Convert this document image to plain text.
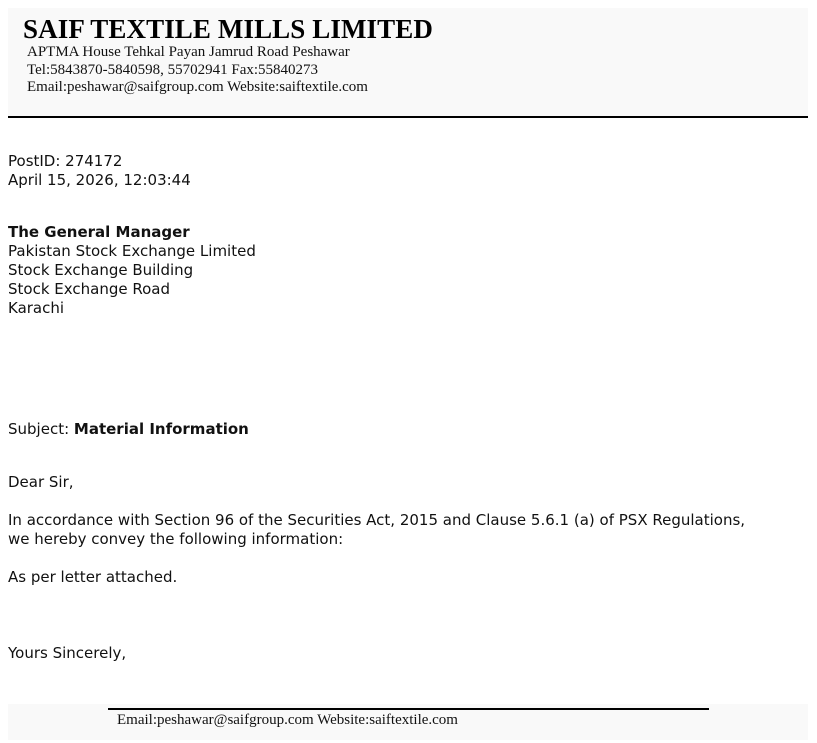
SAIF TEXTILE MILLS LIMITED

APTMA House Tehkal Payan Jamrud Road Peshawar

Tel:5843870-5840598, 55702941 Fax:55840273

Email:peshawar@saifgroup.com Website:saiftextile.com

PostID: 274172

April 15, 2026, 12:03:44

The General Manager

Pakistan Stock Exchange Limited

Stock Exchange Building

Stock Exchange Road

Karachi

Subject: Material Information

Dear Sir,

In accordance with Section 96 of the Securities Act, 2015 and Clause 5.6.1 (a) of PSX Regulations,

we hereby convey the following information:

As per letter attached.

Yours Sincerely,

Email:peshawar@saifgroup.com Website:saiftextile.com
